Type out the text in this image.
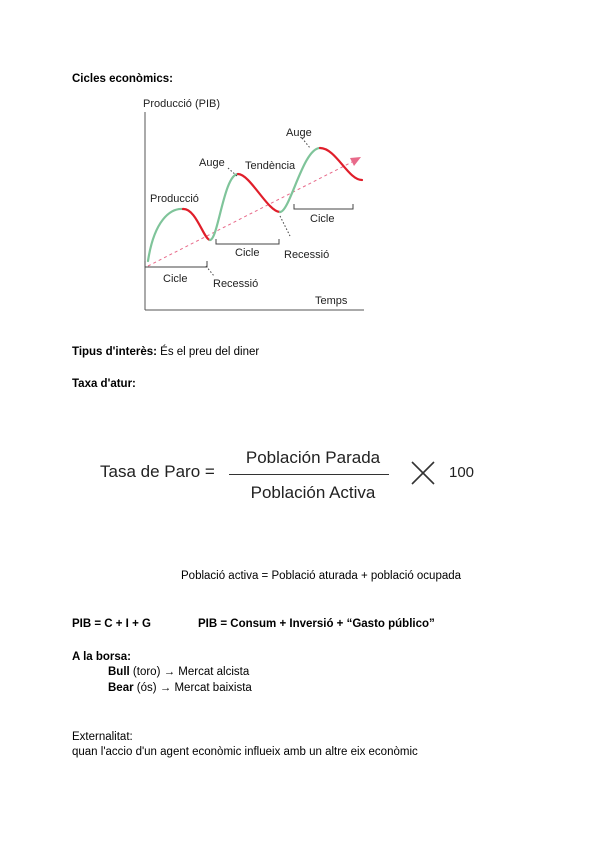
Cicles econòmics:
Producció (PIB)
Temps
Producció
Auge
Auge
Tendència
Cicle
Cicle
Cicle
Recessió
Recessió
Tipus d'interès: És el preu del diner
Taxa d'atur:
Tasa de Paro =
Población Parada
Población Activa
100
Població activa = Població aturada + població ocupada
PIB = C + I + G	PIB = Consum + Inversió + “Gasto público”
A la borsa:
Bull (toro) → Mercat alcista
Bear (ós) → Mercat baixista
Externalitat:
quan l'accio d'un agent econòmic influeix amb un altre eix econòmic
